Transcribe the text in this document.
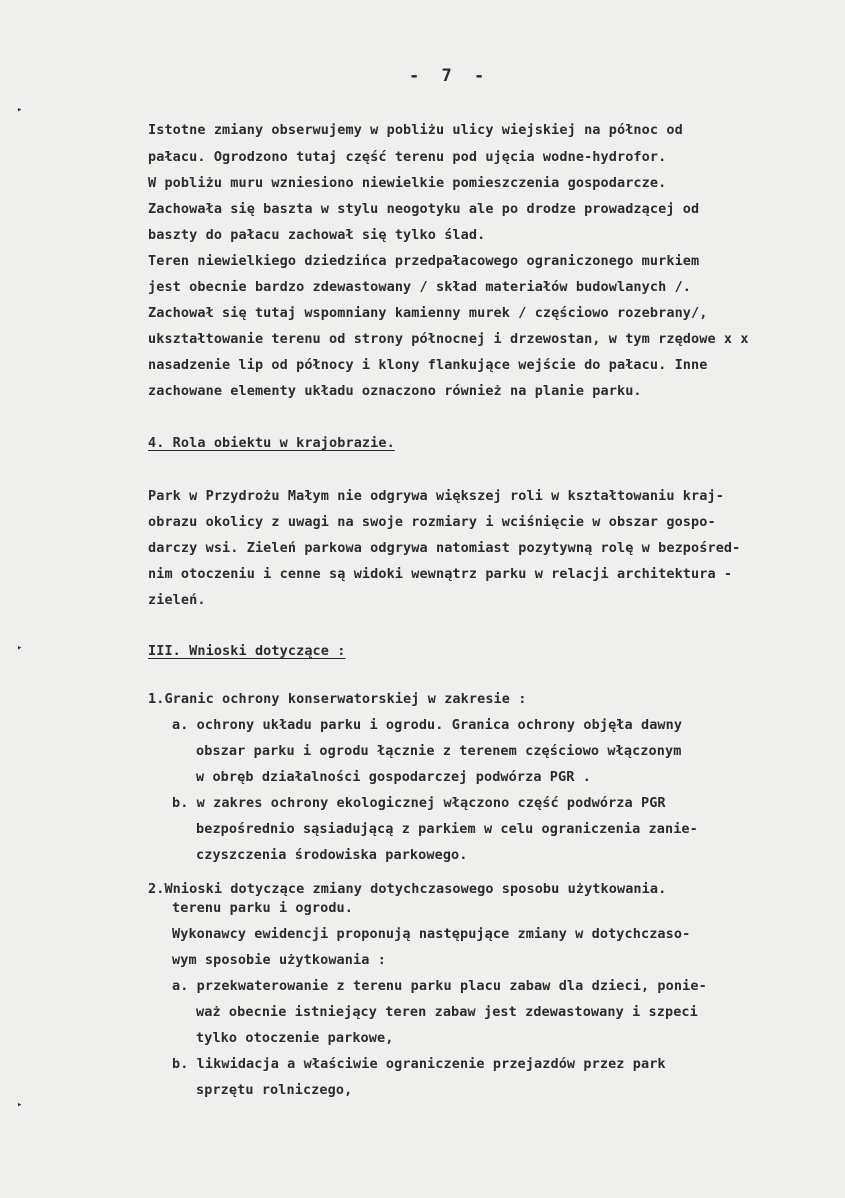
▸
▸
▸
- 7 -
Istotne zmiany obserwujemy w pobliżu ulicy wiejskiej na północ od
pałacu. Ogrodzono tutaj część terenu pod ujęcia wodne-hydrofor.
W pobliżu muru wzniesiono niewielkie pomieszczenia gospodarcze.
Zachowała się baszta w stylu neogotyku ale po drodze prowadzącej od
baszty do pałacu zachował się tylko ślad.
Teren niewielkiego dziedzińca przedpałacowego ograniczonego murkiem
jest obecnie bardzo zdewastowany / skład materiałów budowlanych /.
Zachował się tutaj wspomniany kamienny murek / częściowo rozebrany/,
ukształtowanie terenu od strony północnej i drzewostan, w tym rzędowe x x
nasadzenie lip od północy i klony flankujące wejście do pałacu. Inne
zachowane elementy układu oznaczono również na planie parku.
4. Rola obiektu w krajobrazie.
Park w Przydrożu Małym nie odgrywa większej roli w kształtowaniu kraj-
obrazu okolicy z uwagi na swoje rozmiary i wciśnięcie w obszar gospo-
darczy wsi. Zieleń parkowa odgrywa natomiast pozytywną rolę w bezpośred-
nim otoczeniu i cenne są widoki wewnątrz parku w relacji architektura -
zieleń.
III. Wnioski dotyczące :
1.Granic ochrony konserwatorskiej w zakresie :
a. ochrony układu parku i ogrodu. Granica ochrony objęła dawny
obszar parku i ogrodu łącznie z terenem częściowo włączonym
w obręb działalności gospodarczej podwórza PGR .
b. w zakres ochrony ekologicznej włączono część podwórza PGR
bezpośrednio sąsiadującą z parkiem w celu ograniczenia zanie-
czyszczenia środowiska parkowego.
2.Wnioski dotyczące zmiany dotychczasowego sposobu użytkowania.
terenu parku i ogrodu.
Wykonawcy ewidencji proponują następujące zmiany w dotychczaso-
wym sposobie użytkowania :
a. przekwaterowanie z terenu parku placu zabaw dla dzieci, ponie-
waż obecnie istniejący teren zabaw jest zdewastowany i szpeci
tylko otoczenie parkowe,
b. likwidacja a właściwie ograniczenie przejazdów przez park
sprzętu rolniczego,
